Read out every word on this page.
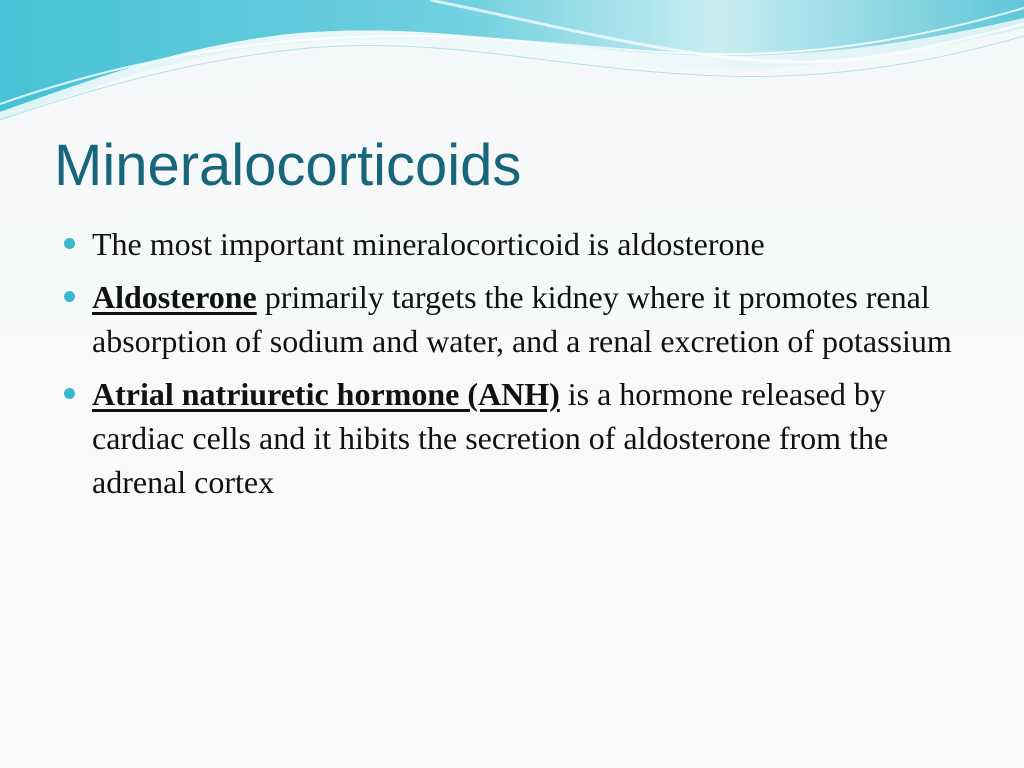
Mineralocorticoids
The most important mineralocorticoid is aldosterone
Aldosterone primarily targets the kidney where it promotes renal absorption of sodium and water, and a renal excretion of potassium
Atrial natriuretic hormone (ANH) is a hormone released by cardiac cells and it hibits the secretion of aldosterone from the adrenal cortex
